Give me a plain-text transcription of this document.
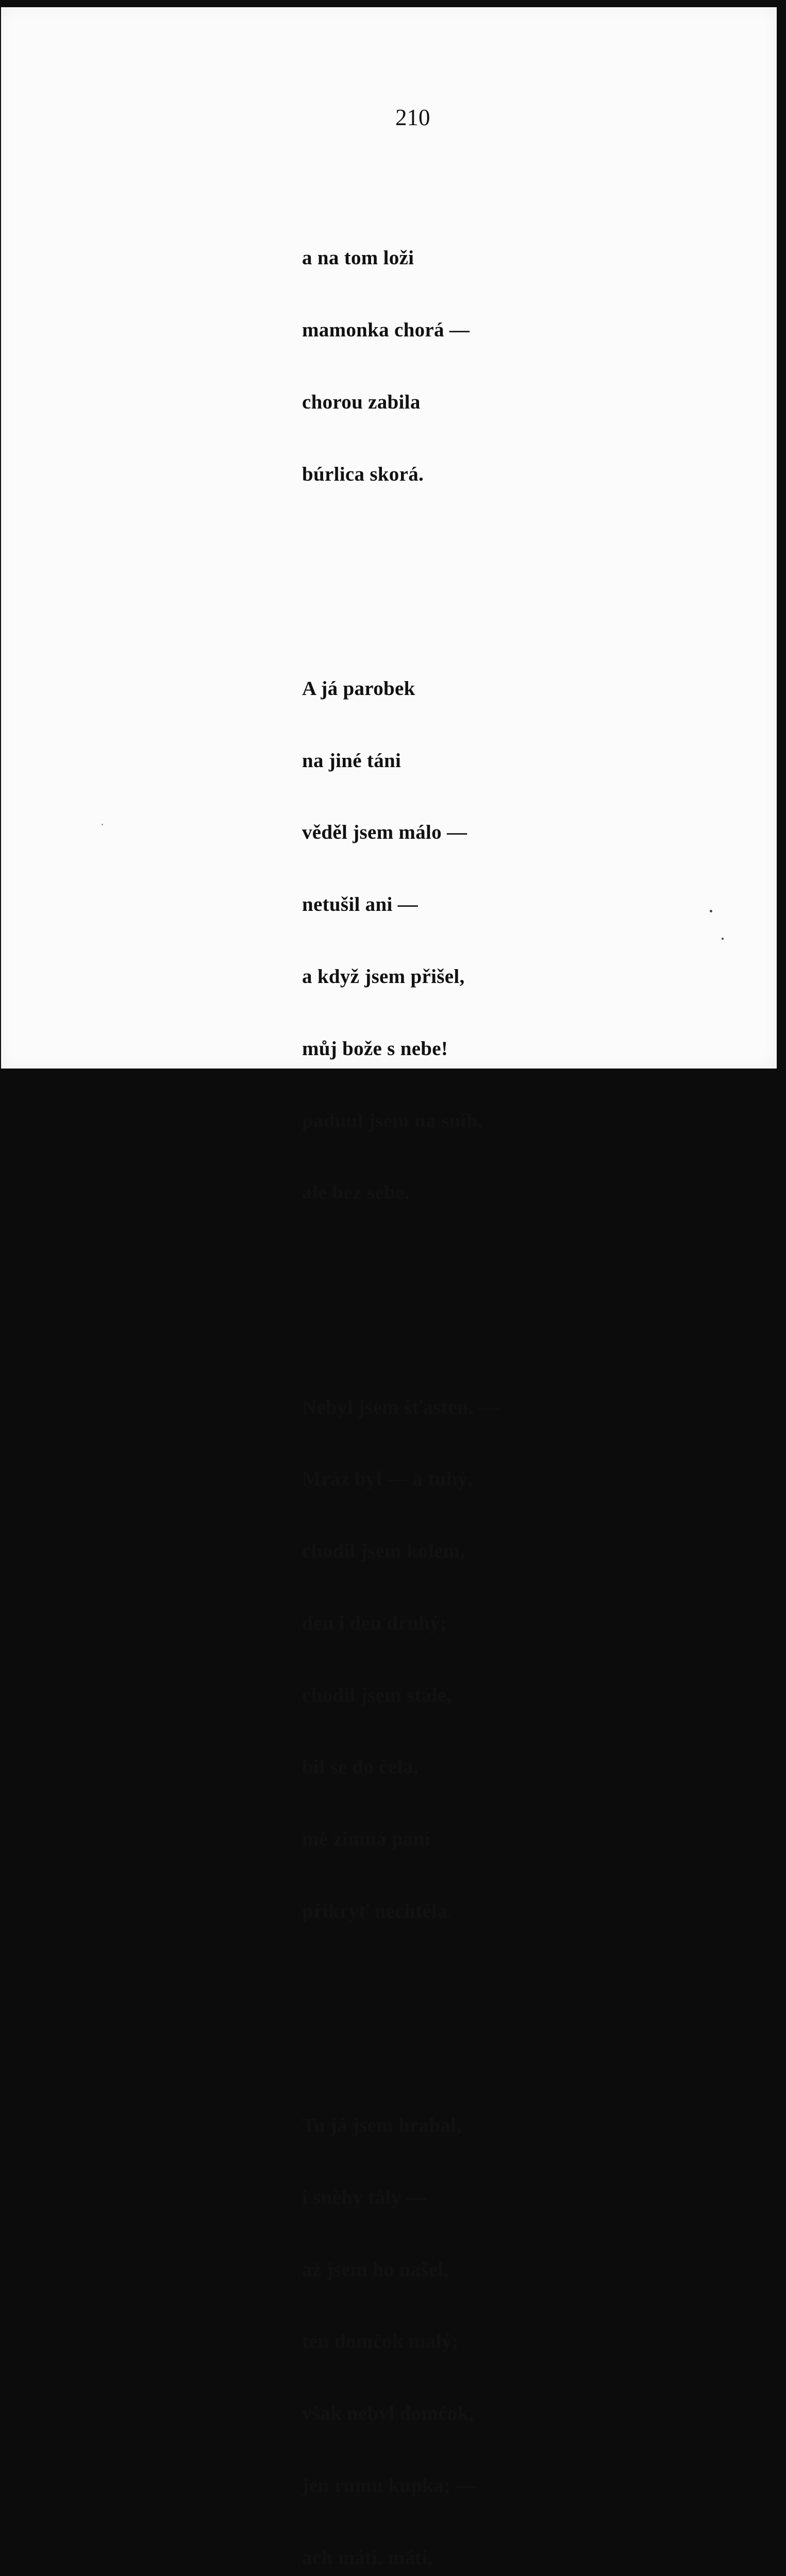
210

a na tom loži

mamonka chorá —

chorou zabila

búrlica skorá.

A já parobek

na jiné táni

věděl jsem málo —

netušil ani —

a když jsem přišel,

můj bože s nebe!

padnul jsem na sníh,

ale bez sebe.

Nebyl jsem šťasten. —

Mráz byl — a tuhý,

chodil jsem kolem,

den i den druhý;

chodil jsem stále,

bil se do čela,

mě zimná paní

přikryť nechtěla.

Tu já jsem hrabal,

i sněhy tály —

až jsem ho našel,

ten domčok malý;

však nebyl domčok,

jen rumu kupka; —

ach máti, máti,
